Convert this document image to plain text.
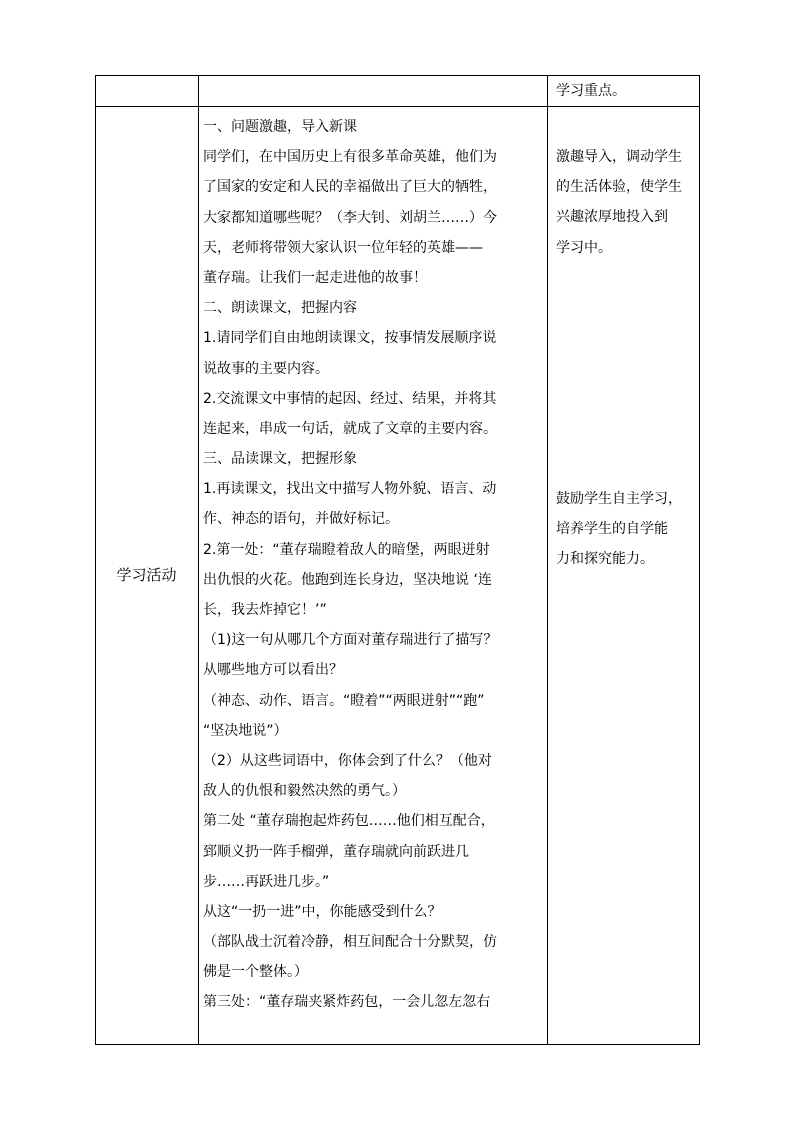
学习重点。
学习活动
一、问题激趣，导入新课
同学们，在中国历史上有很多革命英雄，他们为
了国家的安定和人民的幸福做出了巨大的牺牲，
大家都知道哪些呢？（李大钊、刘胡兰……）今
天，老师将带领大家认识一位年轻的英雄——
董存瑞。让我们一起走进他的故事！
二、朗读课文，把握内容
1.请同学们自由地朗读课文，按事情发展顺序说
说故事的主要内容。
2.交流课文中事情的起因、经过、结果，并将其
连起来，串成一句话，就成了文章的主要内容。
三、品读课文，把握形象
1.再读课文，找出文中描写人物外貌、语言、动
作、神态的语句，并做好标记。
2.第一处：“董存瑞瞪着敌人的暗堡，两眼迸射
出仇恨的火花。他跑到连长身边，坚决地说 ‘连
长，我去炸掉它！’”
（1)这一句从哪几个方面对董存瑞进行了描写？
从哪些地方可以看出？
（神态、动作、语言。“瞪着”“两眼迸射”“跑”
“坚决地说”）
（2）从这些词语中，你体会到了什么？（他对
敌人的仇恨和毅然决然的勇气。）
第二处 “董存瑞抱起炸药包……他们相互配合，
郅顺义扔一阵手榴弹，董存瑞就向前跃进几
步……再跃进几步。”
从这“一扔一进”中，你能感受到什么？
（部队战士沉着冷静，相互间配合十分默契，仿
佛是一个整体。）
第三处：“董存瑞夹紧炸药包，一会儿忽左忽右
激趣导入，调动学生
的生活体验，使学生
兴趣浓厚地投入到
学习中。
鼓励学生自主学习，
培养学生的自学能
力和探究能力。
